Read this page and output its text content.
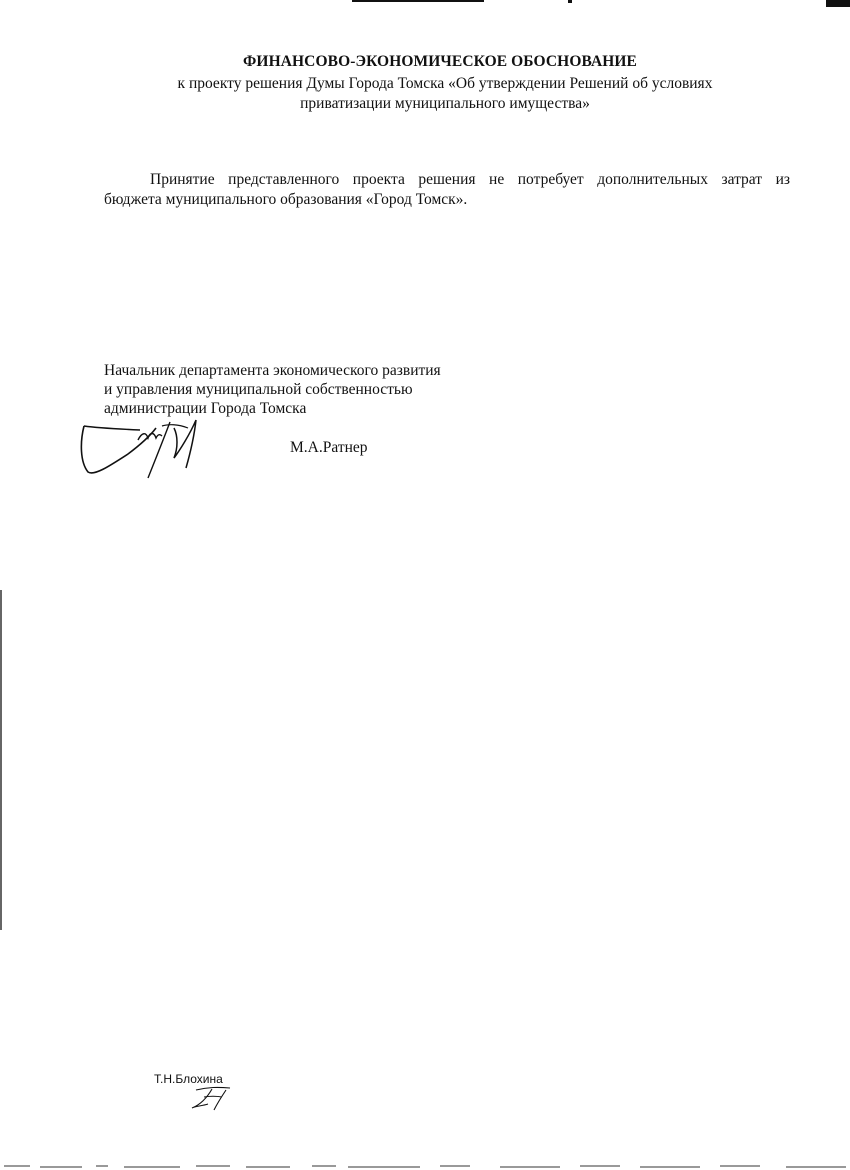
ФИНАНСОВО-ЭКОНОМИЧЕСКОЕ ОБОСНОВАНИЕ
к проекту решения Думы Города Томска «Об утверждении Решений об условиях
приватизации муниципального имущества»
Принятие представленного проекта решения не потребует дополнительных затрат из
бюджета муниципального образования «Город Томск».
Начальник департамента экономического развития
и управления муниципальной собственностью
администрации Города Томска
М.А.Ратнер
Т.Н.Блохина
